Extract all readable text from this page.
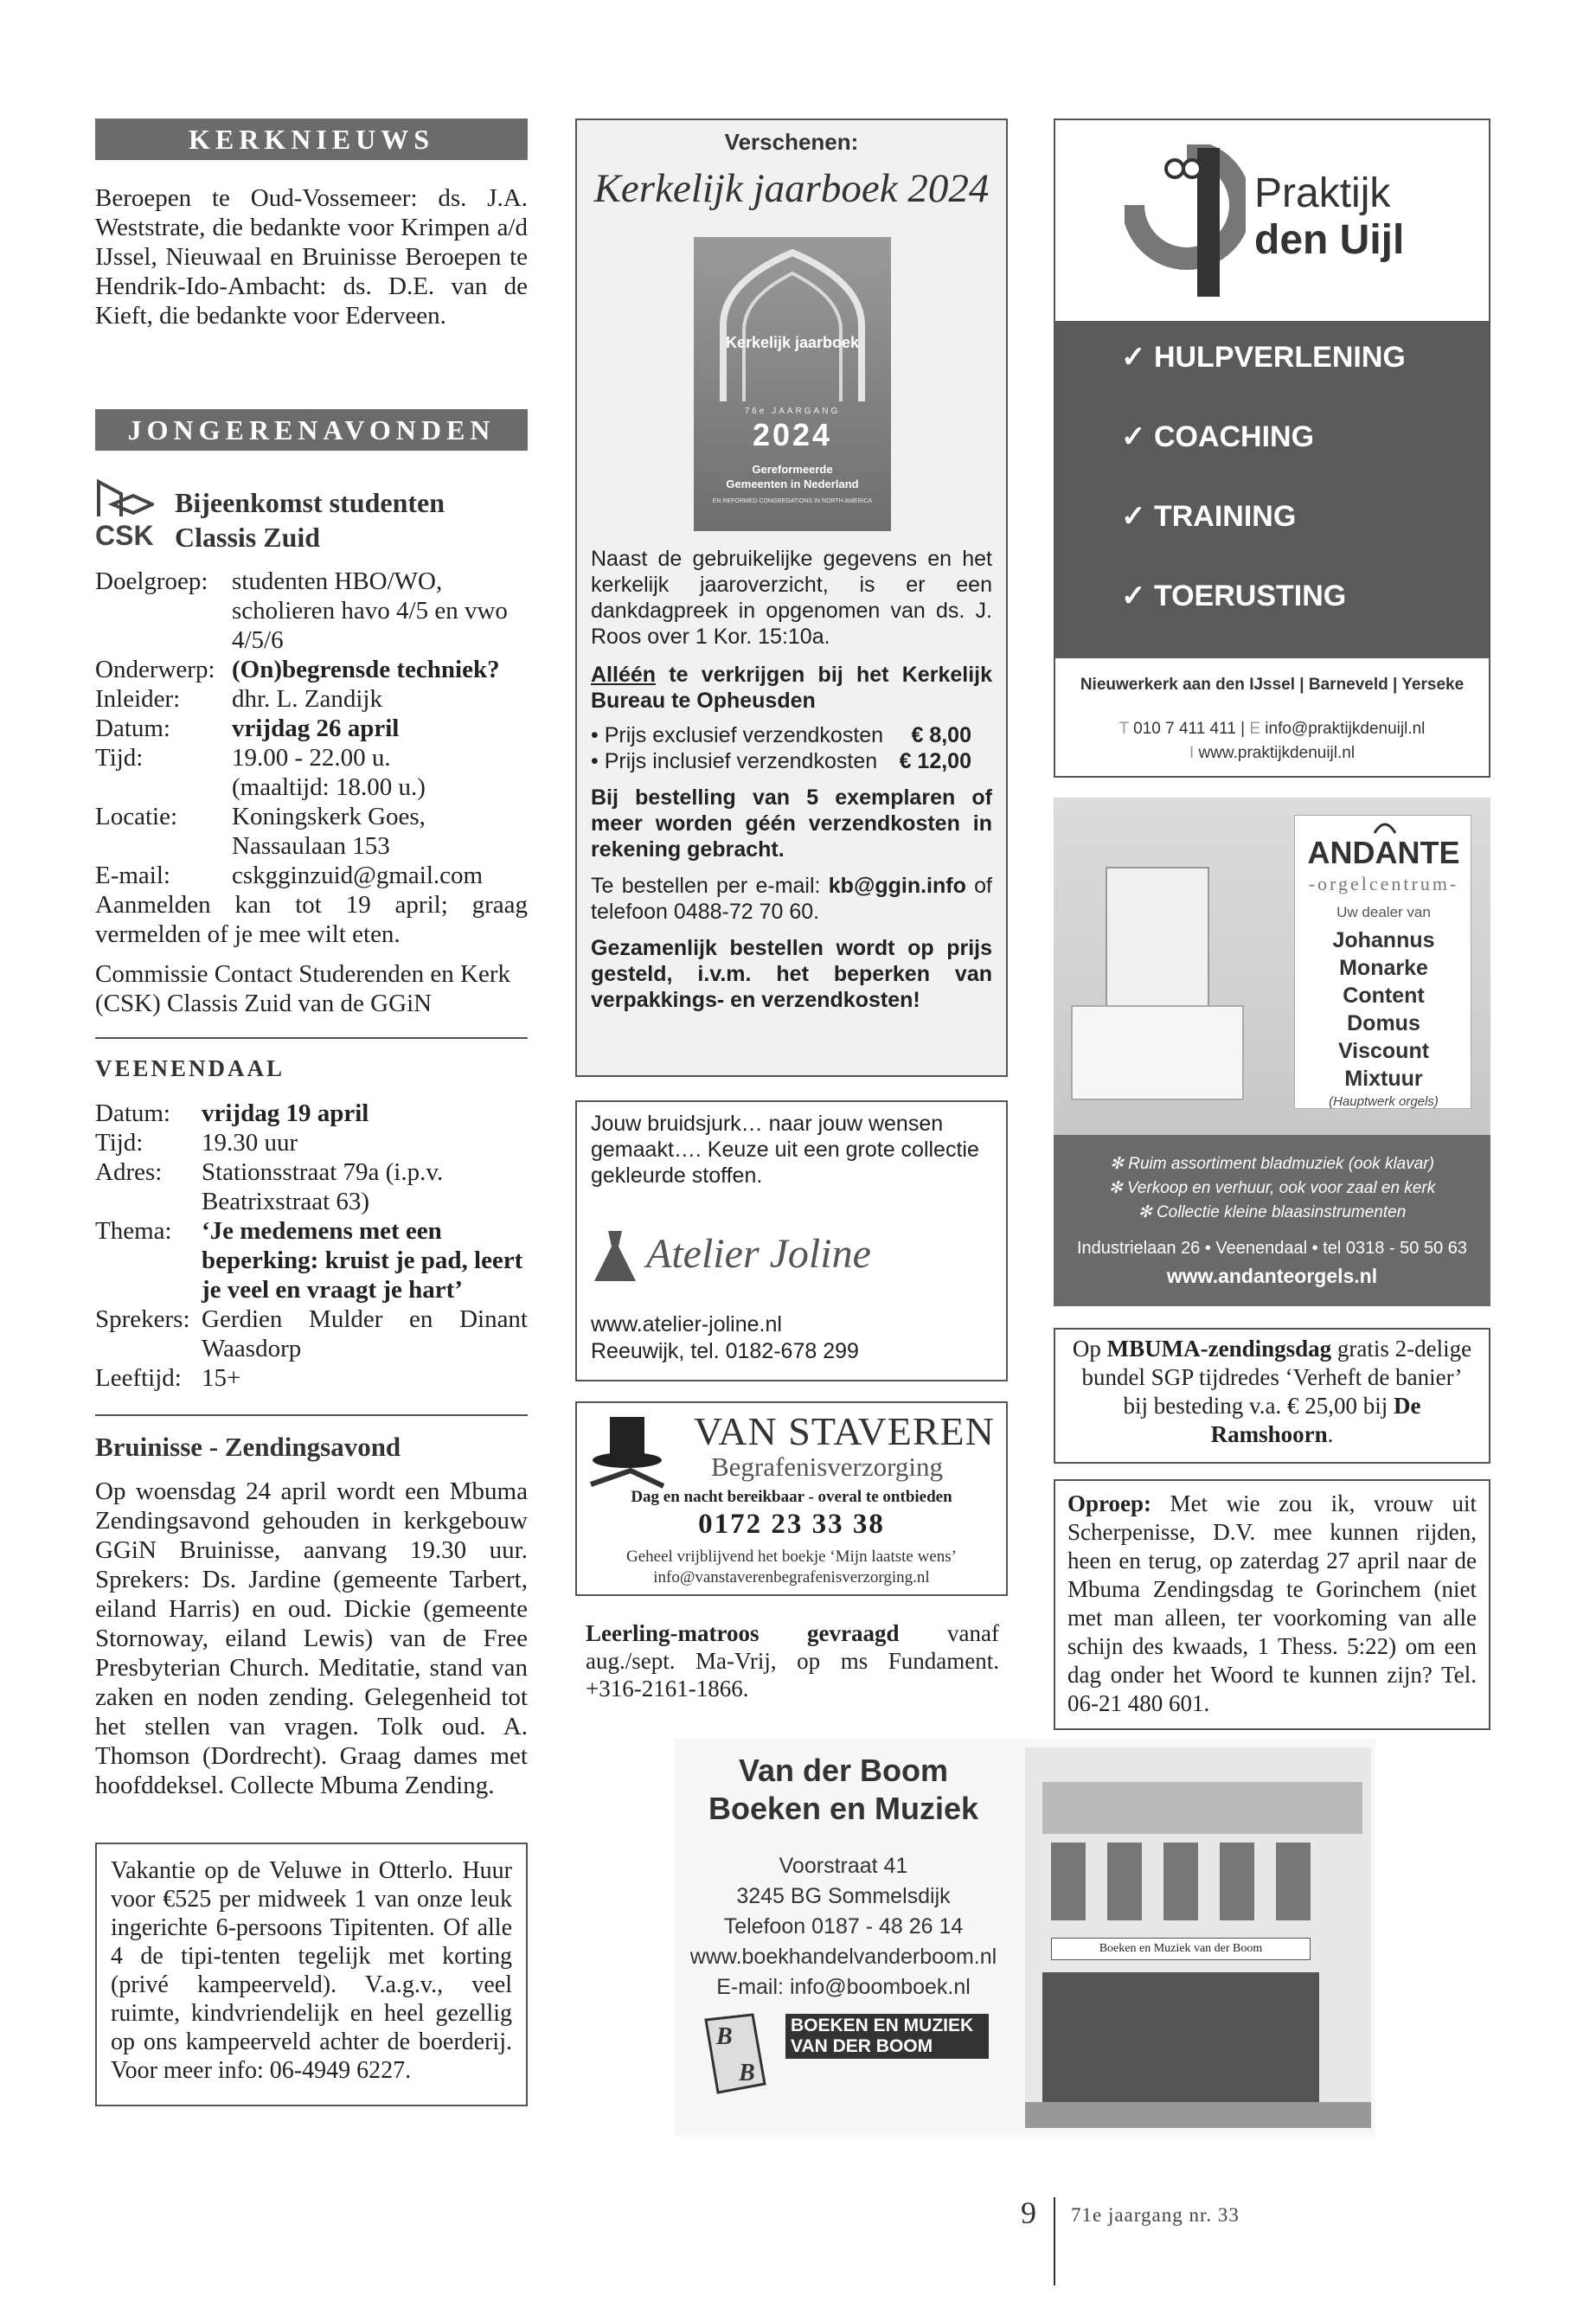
KERKNIEUWS
Beroepen te Oud-Vossemeer: ds. J.A. Weststrate, die bedankte voor Krimpen a/d IJssel, Nieuwaal en Bruinisse Beroepen te Hendrik-Ido-Ambacht: ds. D.E. van de Kieft, die bedankte voor Ederveen.
JONGERENAVONDEN
CSK
Bijeenkomst studenten
Classis Zuid
Doelgroep: studenten HBO/WO, scholieren havo 4/5 en vwo 4/5/6
Onderwerp: (On)begrensde techniek?
Inleider:	dhr. L. Zandijk
Datum:	vrijdag 26 april
Tijd:	19.00 - 22.00 u. (maaltijd: 18.00 u.)
Locatie:	Koningskerk Goes, Nassaulaan 153
E-mail:	cskgginzuid@gmail.com
Aanmelden kan tot 19 april; graag vermelden of je mee wilt eten.
Commissie Contact Studerenden en Kerk (CSK) Classis Zuid van de GGiN
VEENENDAAL
Datum:	vrijdag 19 april
Tijd:	19.30 uur
Adres:	Stationsstraat 79a (i.p.v. Beatrixstraat 63)
Thema:	‘Je medemens met een beperking: kruist je pad, leert je veel en vraagt je hart’
Sprekers: Gerdien Mulder en Dinant Waasdorp
Leeftijd: 15+
Bruinisse - Zendingsavond
Op woensdag 24 april wordt een Mbuma Zendingsavond gehouden in kerkgebouw GGiN Bruinisse, aanvang 19.30 uur. Sprekers: Ds. Jardine (gemeente Tarbert, eiland Harris) en oud. Dickie (gemeente Stornoway, eiland Lewis) van de Free Presbyterian Church. Meditatie, stand van zaken en noden zending. Gelegenheid tot het stellen van vragen. Tolk oud. A. Thomson (Dordrecht). Graag dames met hoofddeksel. Collecte Mbuma Zending.
Vakantie op de Veluwe in Otterlo. Huur voor €525 per midweek 1 van onze leuk ingerichte 6-persoons Tipitenten. Of alle 4 de tipi-tenten tegelijk met korting (privé kampeerveld). V.a.g.v., veel ruimte, kindvriendelijk en heel gezellig op ons kampeerveld achter de boerderij. Voor meer info: 06-4949 6227.
Verschenen:
Kerkelijk jaarboek 2024
Kerkelijk jaarboek
76e JAARGANG
2024
Gereformeerde Gemeenten in Nederland
EN REFORMED CONGREGATIONS IN NORTH AMERICA
Naast de gebruikelijke gegevens en het kerkelijk jaaroverzicht, is er een dankdagpreek in opgenomen van ds. J. Roos over 1 Kor. 15:10a.
Alléén te verkrijgen bij het Kerkelijk Bureau te Opheusden
• Prijs exclusief verzendkosten € 8,00
• Prijs inclusief verzendkosten € 12,00
Bij bestelling van 5 exemplaren of meer worden géén verzendkosten in rekening gebracht.
Te bestellen per e-mail: kb@ggin.info of telefoon 0488-72 70 60.
Gezamenlijk bestellen wordt op prijs gesteld, i.v.m. het beperken van verpakkings- en verzendkosten!
Jouw bruidsjurk… naar jouw wensen gemaakt…. Keuze uit een grote collectie gekleurde stoffen.
Atelier Joline
www.atelier-joline.nl
Reeuwijk, tel. 0182-678 299
VAN STAVEREN
Begrafenisverzorging
Dag en nacht bereikbaar - overal te ontbieden
0172 23 33 38
Geheel vrijblijvend het boekje ‘Mijn laatste wens’
info@vanstaverenbegrafenisverzorging.nl
Leerling-matroos gevraagd vanaf aug./sept. Ma-Vrij, op ms Fundament. +316-2161-1866.
Van der Boom
Boeken en Muziek
Voorstraat 41
3245 BG Sommelsdijk
Telefoon 0187 - 48 26 14
www.boekhandelvanderboom.nl
E-mail: info@boomboek.nl
B
B
BOEKEN EN MUZIEK
VAN DER BOOM
Boeken en Muziek van der Boom
Praktijk
den Uijl
✓ HULPVERLENING
✓ COACHING
✓ TRAINING
✓ TOERUSTING
Nieuwerkerk aan den IJssel | Barneveld | Yerseke
T 010 7 411 411 | E info@praktijkdenuijl.nl
I www.praktijkdenuijl.nl
ANDANTE
-orgelcentrum-
Uw dealer van
Johannus
Monarke
Content
Domus
Viscount
Mixtuur
(Hauptwerk orgels)
✻ Ruim assortiment bladmuziek (ook klavar)
✻ Verkoop en verhuur, ook voor zaal en kerk
✻ Collectie kleine blaasinstrumenten
Industrielaan 26 • Veenendaal • tel 0318 - 50 50 63
www.andanteorgels.nl
Op MBUMA-zendingsdag gratis 2-delige bundel SGP tijdredes ‘Verheft de banier’ bij besteding v.a. € 25,00 bij De Ramshoorn.
Oproep: Met wie zou ik, vrouw uit Scherpenisse, D.V. mee kunnen rijden, heen en terug, op zaterdag 27 april naar de Mbuma Zendingsdag te Gorinchem (niet met man alleen, ter voorkoming van alle schijn des kwaads, 1 Thess. 5:22) om een dag onder het Woord te kunnen zijn? Tel. 06-21 480 601.
9 71e jaargang nr. 33
